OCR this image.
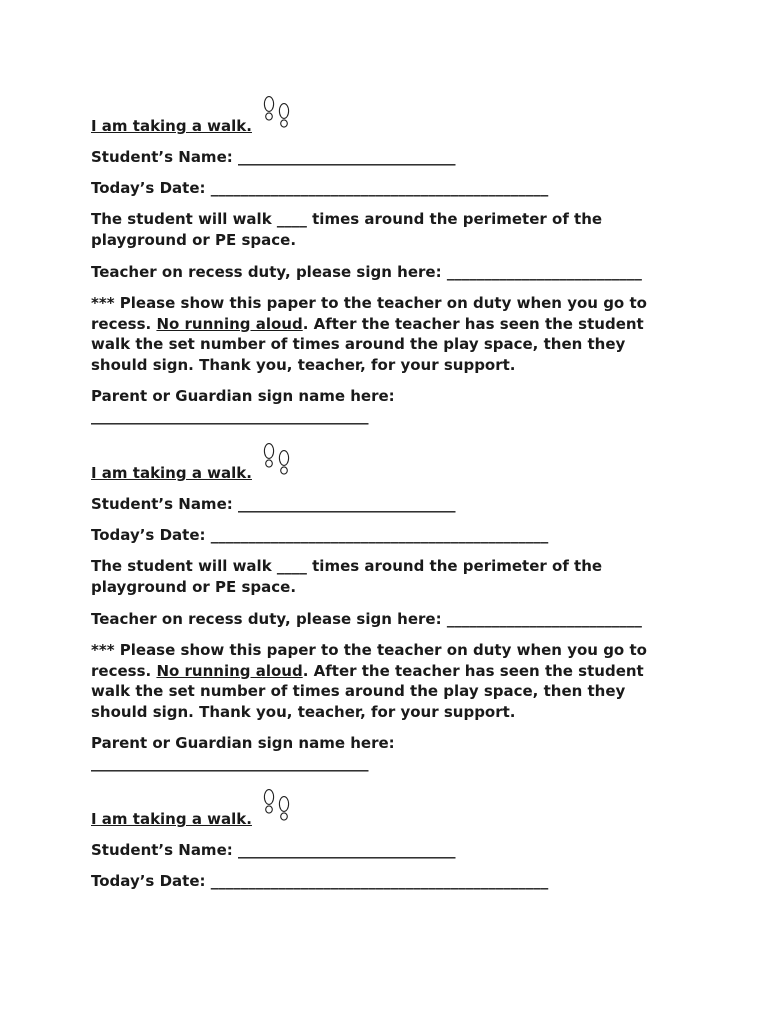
I am taking a walk.
Student’s Name: _____________________________
Today’s Date: _____________________________________________
The student will walk ____ times around the perimeter of the playground or PE space.
Teacher on recess duty, please sign here: __________________________
*** Please show this paper to the teacher on duty when you go to recess. No running aloud. After the teacher has seen the student walk the set number of times around the play space, then they should sign. Thank you, teacher, for your support.
Parent or Guardian sign name here:
_____________________________________
I am taking a walk.
Student’s Name: _____________________________
Today’s Date: _____________________________________________
The student will walk ____ times around the perimeter of the playground or PE space.
Teacher on recess duty, please sign here: __________________________
*** Please show this paper to the teacher on duty when you go to recess. No running aloud. After the teacher has seen the student walk the set number of times around the play space, then they should sign. Thank you, teacher, for your support.
Parent or Guardian sign name here:
_____________________________________
I am taking a walk.
Student’s Name: _____________________________
Today’s Date: _____________________________________________
